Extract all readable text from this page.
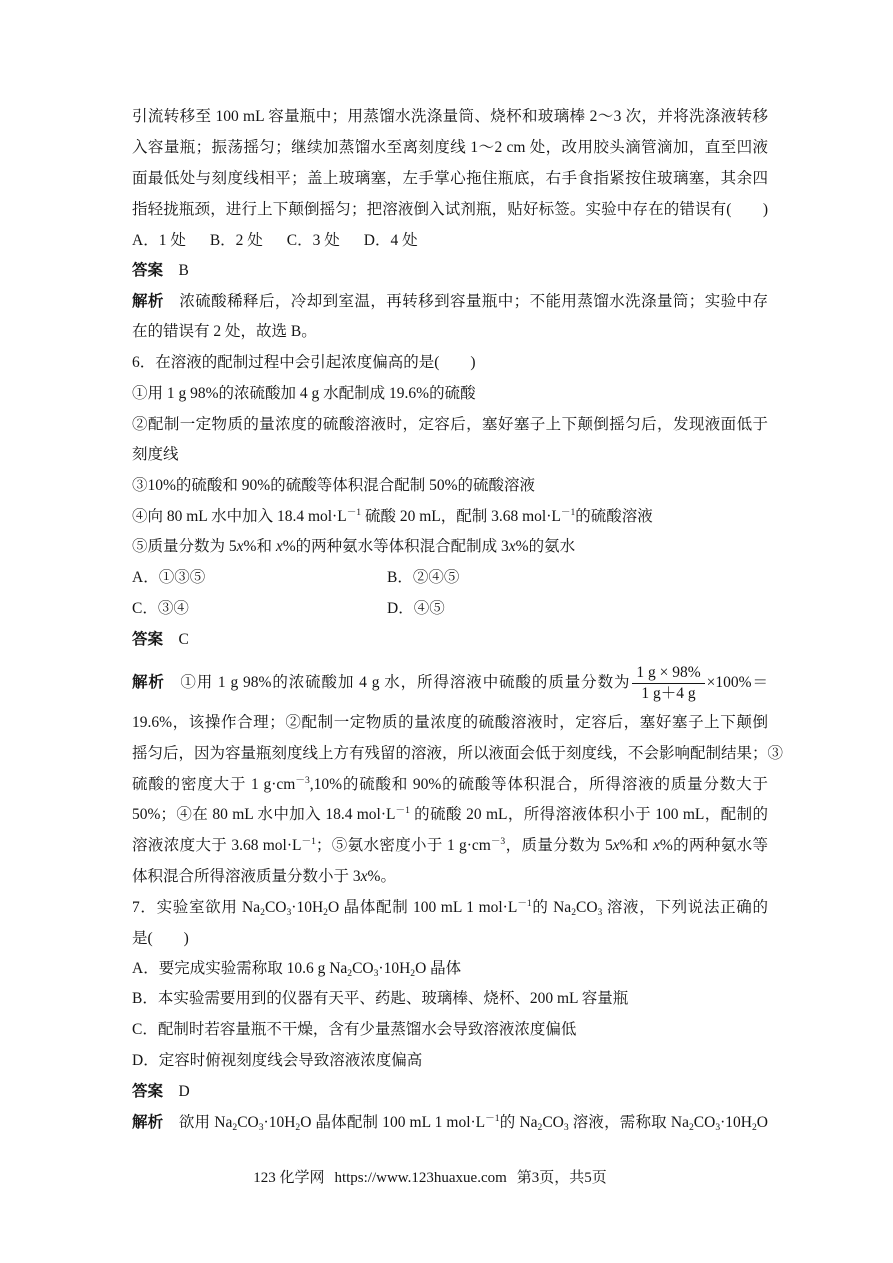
引流转移至 100 mL 容量瓶中；用蒸馏水洗涤量筒、烧杯和玻璃棒 2～3 次，并将洗涤液转移
入容量瓶；振荡摇匀；继续加蒸馏水至离刻度线 1～2 cm 处，改用胶头滴管滴加，直至凹液
面最低处与刻度线相平；盖上玻璃塞，左手掌心拖住瓶底，右手食指紧按住玻璃塞，其余四
指轻拢瓶颈，进行上下颠倒摇匀；把溶液倒入试剂瓶，贴好标签。实验中存在的错误有(　　)
A．1 处 B．2 处 C．3 处 D．4 处
答案 B
解析 浓硫酸稀释后，冷却到室温，再转移到容量瓶中；不能用蒸馏水洗涤量筒；实验中存
在的错误有 2 处，故选 B。
6．在溶液的配制过程中会引起浓度偏高的是(　　)
①用 1 g 98%的浓硫酸加 4 g 水配制成 19.6%的硫酸
②配制一定物质的量浓度的硫酸溶液时，定容后，塞好塞子上下颠倒摇匀后，发现液面低于
刻度线
③10%的硫酸和 90%的硫酸等体积混合配制 50%的硫酸溶液
④向 80 mL 水中加入 18.4 $mol\cdot L^{-1}$ 硫酸 20 mL，配制 3.68 $mol\cdot L^{-1}$的硫酸溶液
⑤质量分数为 5x%和 x%的两种氨水等体积混合配制成 3x%的氨水
A．①③⑤	B．②④⑤
C．③④	D．④⑤
答案 C
解析 ①用 1 g 98%的浓硫酸加 4 g 水，所得溶液中硫酸的质量分数为 $\frac{1 g \times 98\%}{1 g+4 g} \times 100\%=$
19.6%，该操作合理；②配制一定物质的量浓度的硫酸溶液时，定容后，塞好塞子上下颠倒
摇匀后，因为容量瓶刻度线上方有残留的溶液，所以液面会低于刻度线，不会影响配制结果；③
硫酸的密度大于 1 $g\cdot cm^{-3},10\%$的硫酸和 90%的硫酸等体积混合，所得溶液的质量分数大于
50%；④在 80 mL 水中加入 18.4 $mol\cdot L^{-1}$ 的硫酸 20 mL，所得溶液体积小于 100 mL，配制的
溶液浓度大于 3.68 $mol\cdot L^{-1}$；⑤氨水密度小于 1 $g\cdot cm^{-3}$，质量分数为 5x%和 x%的两种氨水等
体积混合所得溶液质量分数小于 3x%。
7．实验室欲用 $Na_2CO_3\cdot 10H_2O$ 晶体配制 100 mL 1 $mol\cdot L^{-1}$的 $Na_2CO_3$ 溶液，下列说法正确的
是(　　)
A．要完成实验需称取 10.6 g $Na_2CO_3\cdot 10H_2O$ 晶体
B．本实验需要用到的仪器有天平、药匙、玻璃棒、烧杯、200 mL 容量瓶
C．配制时若容量瓶不干燥，含有少量蒸馏水会导致溶液浓度偏低
D．定容时俯视刻度线会导致溶液浓度偏高
答案 D
解析 欲用 $Na_2CO_3\cdot 10H_2O$ 晶体配制 100 mL 1 $mol\cdot L^{-1}$的 $Na_2CO_3$ 溶液，需称取 $Na_2CO_3\cdot 10H_2O$
123 化学网 https://www.123huaxue.com 第3页，共5页
